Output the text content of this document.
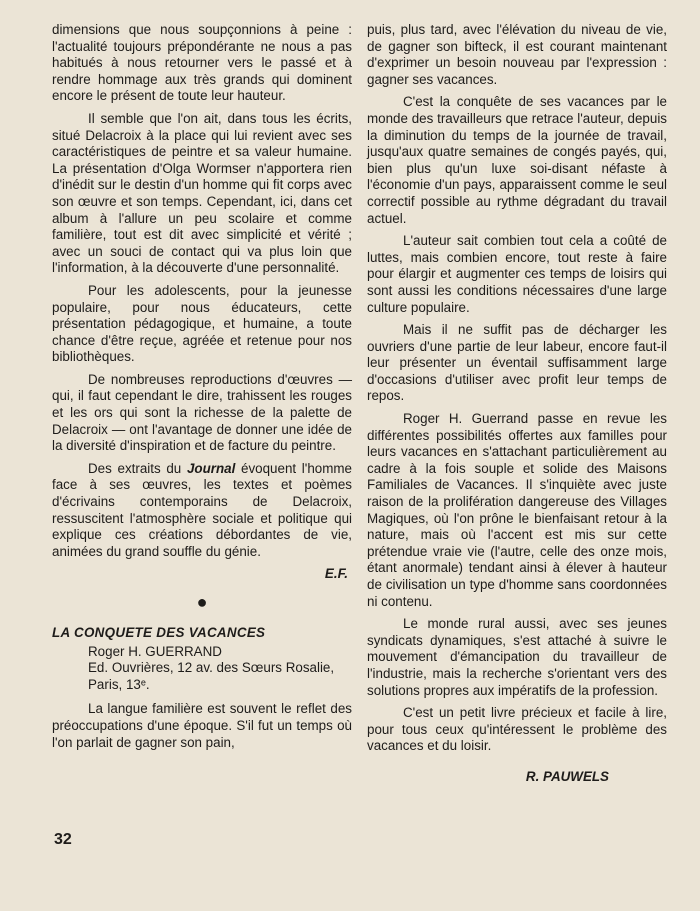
dimensions que nous soupçonnions à peine : l'actualité toujours prépondérante ne nous a pas habitués à nous retourner vers le passé et à rendre hommage aux très grands qui dominent encore le présent de toute leur hauteur.

Il semble que l'on ait, dans tous les écrits, situé Delacroix à la place qui lui revient avec ses caractéristiques de peintre et sa valeur humaine. La présentation d'Olga Wormser n'apportera rien d'inédit sur le destin d'un homme qui fit corps avec son œuvre et son temps. Cependant, ici, dans cet album à l'allure un peu scolaire et comme familière, tout est dit avec simplicité et vérité ; avec un souci de contact qui va plus loin que l'information, à la découverte d'une personnalité.

Pour les adolescents, pour la jeunesse populaire, pour nous éducateurs, cette présentation pédagogique, et humaine, a toute chance d'être reçue, agréée et retenue pour nos bibliothèques.

De nombreuses reproductions d'œuvres — qui, il faut cependant le dire, trahissent les rouges et les ors qui sont la richesse de la palette de Delacroix — ont l'avantage de donner une idée de la diversité d'inspiration et de facture du peintre.

Des extraits du Journal évoquent l'homme face à ses œuvres, les textes et poèmes d'écrivains contemporains de Delacroix, ressuscitent l'atmosphère sociale et politique qui explique ces créations débordantes de vie, animées du grand souffle du génie.

E.F.
●
LA CONQUETE DES VACANCES
Roger H. GUERRAND
Ed. Ouvrières, 12 av. des Sœurs Rosalie,
Paris, 13ᵉ.

La langue familière est souvent le reflet des préoccupations d'une époque. S'il fut un temps où l'on parlait de gagner son pain,

puis, plus tard, avec l'élévation du niveau de vie, de gagner son bifteck, il est courant maintenant d'exprimer un besoin nouveau par l'expression : gagner ses vacances.

C'est la conquête de ses vacances par le monde des travailleurs que retrace l'auteur, depuis la diminution du temps de la journée de travail, jusqu'aux quatre semaines de congés payés, qui, bien plus qu'un luxe soi-disant néfaste à l'économie d'un pays, apparaissent comme le seul correctif possible au rythme dégradant du travail actuel.

L'auteur sait combien tout cela a coûté de luttes, mais combien encore, tout reste à faire pour élargir et augmenter ces temps de loisirs qui sont aussi les conditions nécessaires d'une large culture populaire.

Mais il ne suffit pas de décharger les ouvriers d'une partie de leur labeur, encore faut-il leur présenter un éventail suffisamment large d'occasions d'utiliser avec profit leur temps de repos.

Roger H. Guerrand passe en revue les différentes possibilités offertes aux familles pour leurs vacances en s'attachant particulièrement au cadre à la fois souple et solide des Maisons Familiales de Vacances. Il s'inquiète avec juste raison de la prolifération dangereuse des Villages Magiques, où l'on prône le bienfaisant retour à la nature, mais où l'accent est mis sur cette prétendue vraie vie (l'autre, celle des onze mois, étant anormale) tendant ainsi à élever à hauteur de civilisation un type d'homme sans coordonnées ni contenu.

Le monde rural aussi, avec ses jeunes syndicats dynamiques, s'est attaché à suivre le mouvement d'émancipation du travailleur de l'industrie, mais la recherche s'orientant vers des solutions propres aux impératifs de la profession.

C'est un petit livre précieux et facile à lire, pour tous ceux qu'intéressent le problème des vacances et du loisir.

R. PAUWELS
32
